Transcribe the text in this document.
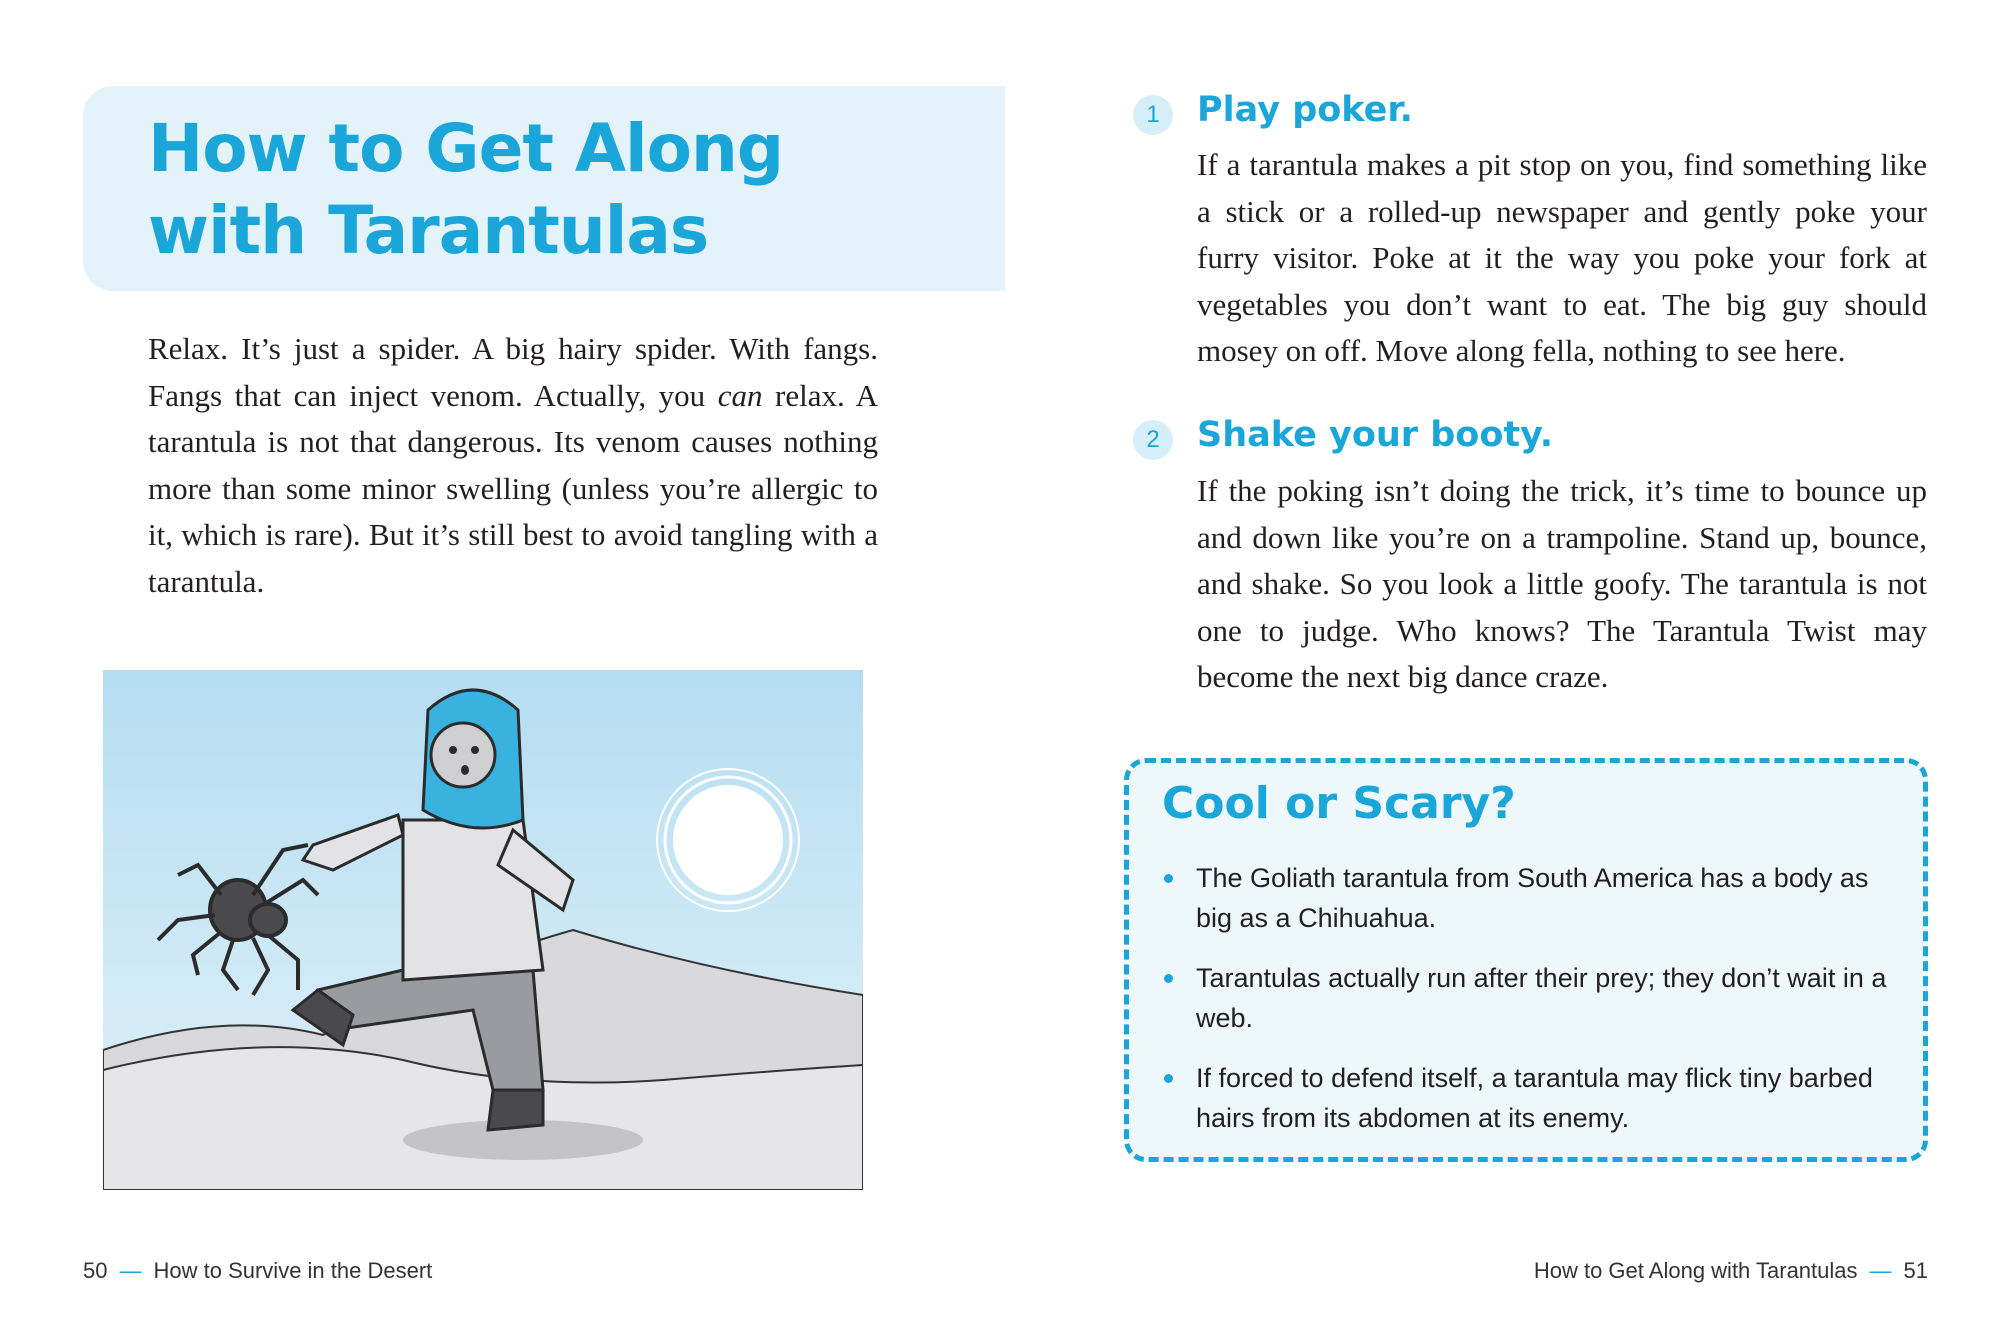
How to Get Along
with Tarantulas

Relax. It’s just a spider. A big hairy spider. With fangs. Fangs that can inject venom. Actually, you can relax. A tarantula is not that dangerous. Its venom causes nothing more than some minor swelling (unless you’re allergic to it, which is rare). But it’s still best to avoid tangling with a tarantula.

50 — How to Survive in the Desert
1	Play poker.

If a tarantula makes a pit stop on you, find something like a stick or a rolled-up newspaper and gently poke your furry visitor. Poke at it the way you poke your fork at vegetables you don’t want to eat. The big guy should mosey on off. Move along fella, nothing to see here.

2	Shake your booty.

If the poking isn’t doing the trick, it’s time to bounce up and down like you’re on a trampoline. Stand up, bounce, and shake. So you look a little goofy. The tarantula is not one to judge. Who knows? The Tarantula Twist may become the next big dance craze.

Cool or Scary?
The Goliath tarantula from South America has a body as big as a Chihuahua.
Tarantulas actually run after their prey; they don’t wait in a web.
If forced to defend itself, a tarantula may flick tiny barbed hairs from its abdomen at its enemy.
How to Get Along with Tarantulas — 51
